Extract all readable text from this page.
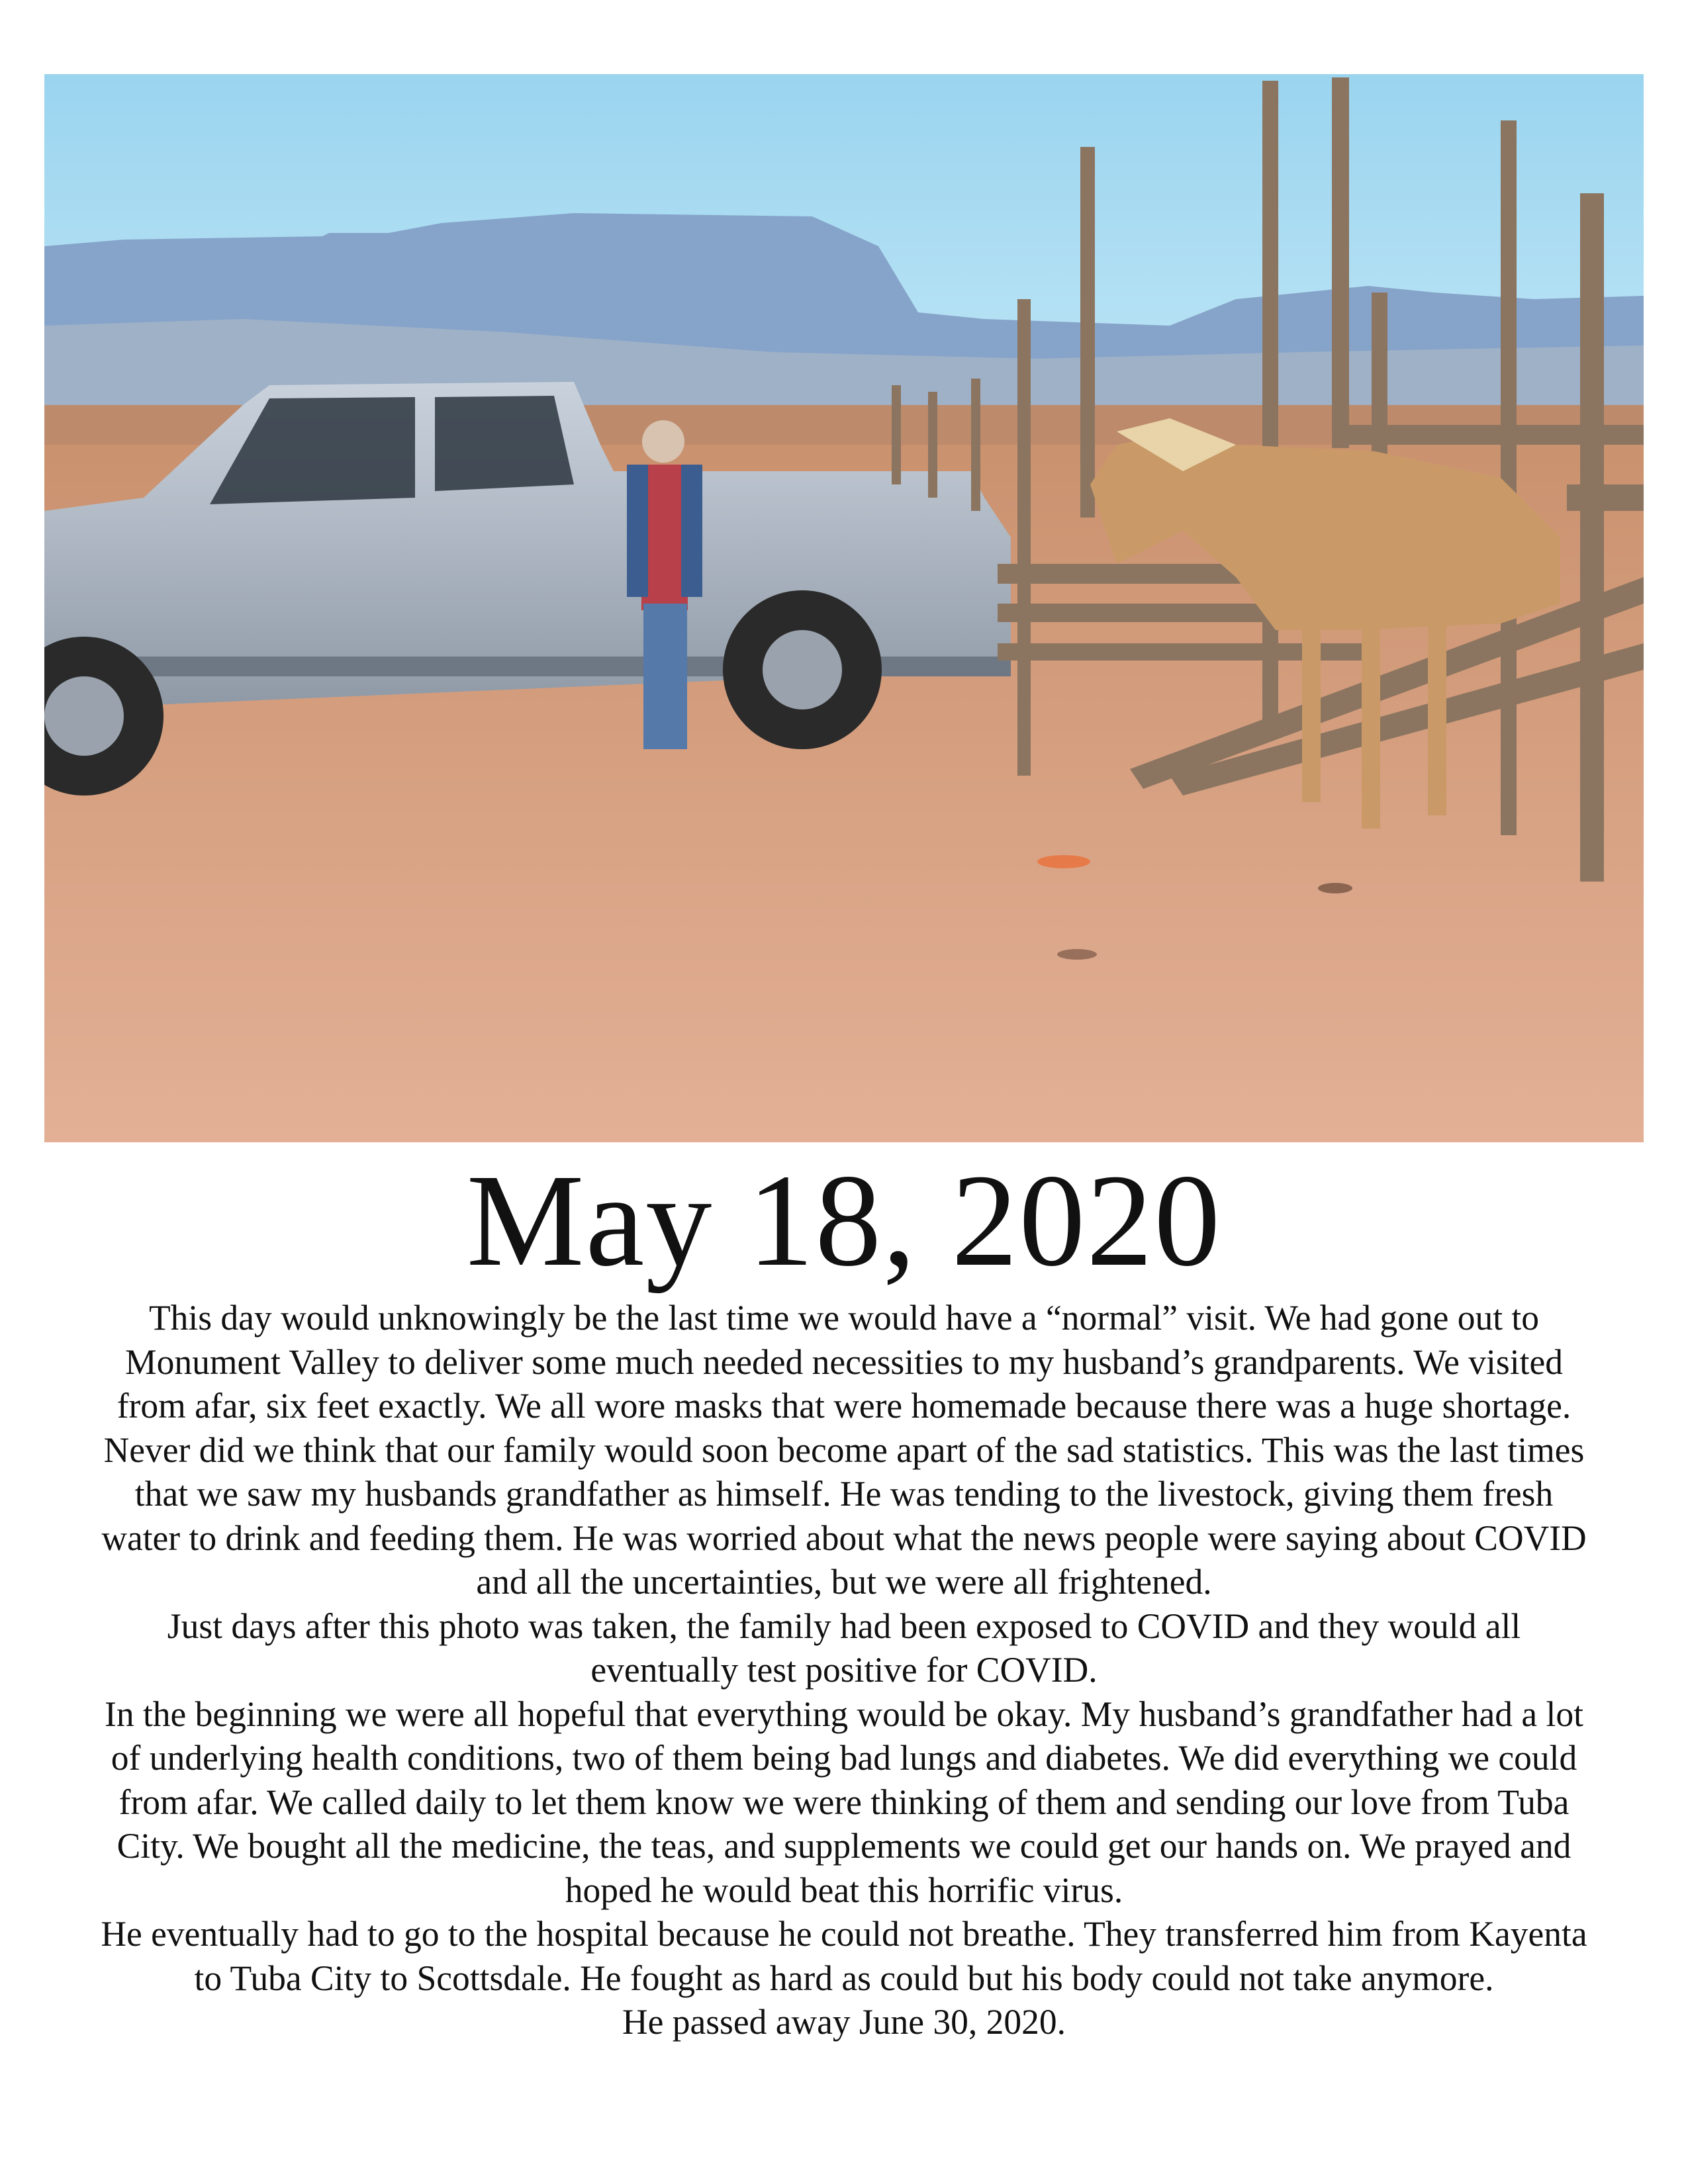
May 18, 2020

This day would unknowingly be the last time we would have a “normal” visit. We had gone out to Monument Valley to deliver some much needed necessities to my husband’s grandparents. We visited from afar, six feet exactly. We all wore masks that were homemade because there was a huge shortage.

Never did we think that our family would soon become apart of the sad statistics. This was the last times that we saw my husbands grandfather as himself. He was tending to the livestock, giving them fresh water to drink and feeding them. He was worried about what the news people were saying about COVID and all the uncertainties, but we were all frightened.

Just days after this photo was taken, the family had been exposed to COVID and they would all eventually test positive for COVID.

In the beginning we were all hopeful that everything would be okay. My husband’s grandfather had a lot of underlying health conditions, two of them being bad lungs and diabetes. We did everything we could from afar. We called daily to let them know we were thinking of them and sending our love from Tuba City. We bought all the medicine, the teas, and supplements we could get our hands on. We prayed and hoped he would beat this horrific virus.

He eventually had to go to the hospital because he could not breathe. They transferred him from Kayenta to Tuba City to Scottsdale. He fought as hard as could but his body could not take anymore.

He passed away June 30, 2020.
